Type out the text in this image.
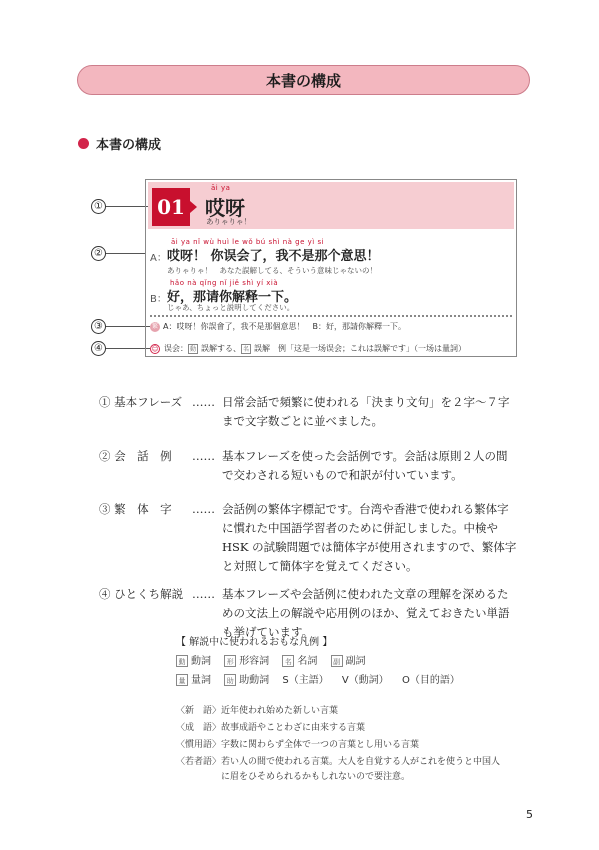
本書の構成
本書の構成
①
②
③
④
01
āi ya
哎呀
ありゃりゃ！
āi ya nǐ wù huì le wǒ bú shì nà ge yì si
A： 哎呀！ 你误会了，我不是那个意思！
ありゃりゃ！　あなた誤解してる、そういう意味じゃないの！
hǎo nà qǐng nǐ jiě shì yí xià
B： 好，那请你解释一下。
じゃあ、ちょっと説明してください。
繁 A：哎呀！你誤會了，我不是那個意思！　B：好，那請你解釋一下。
☺ 误会： 動 誤解する、 名 誤解　例「这是一场误会；これは誤解です」（一场は量詞）
① 基本フレーズ …… 日常会話で頻繁に使われる「決まり文句」を２字〜７字
まで文字数ごとに並べました。
② 会　話　例	…… 基本フレーズを使った会話例です。会話は原則２人の間
で交わされる短いもので和訳が付いています。
③ 繁　体　字	…… 会話例の繁体字標記です。台湾や香港で使われる繁体字
に慣れた中国語学習者のために併記しました。中検や
HSK の試験問題では簡体字が使用されますので、繁体字
と対照して簡体字を覚えてください。
④ ひとくち解説 …… 基本フレーズや会話例に使われた文章の理解を深めるた
めの文法上の解説や応用例のほか、覚えておきたい単語
も挙げています。
【 解説中に使われるおもな凡例 】
動 動詞 形 形容詞 名 名詞 副 副詞
量 量詞 助 助動詞 S（主語） V（動詞） O（目的語）
〈新　語〉近年使われ始めた新しい言葉
〈成　語〉故事成語やことわざに由来する言葉
〈慣用語〉字数に関わらず全体で一つの言葉とし用いる言葉
〈若者語〉若い人の間で使われる言葉。大人を自覚する人がこれを使うと中国人
　　　　　に眉をひそめられるかもしれないので要注意。
5
